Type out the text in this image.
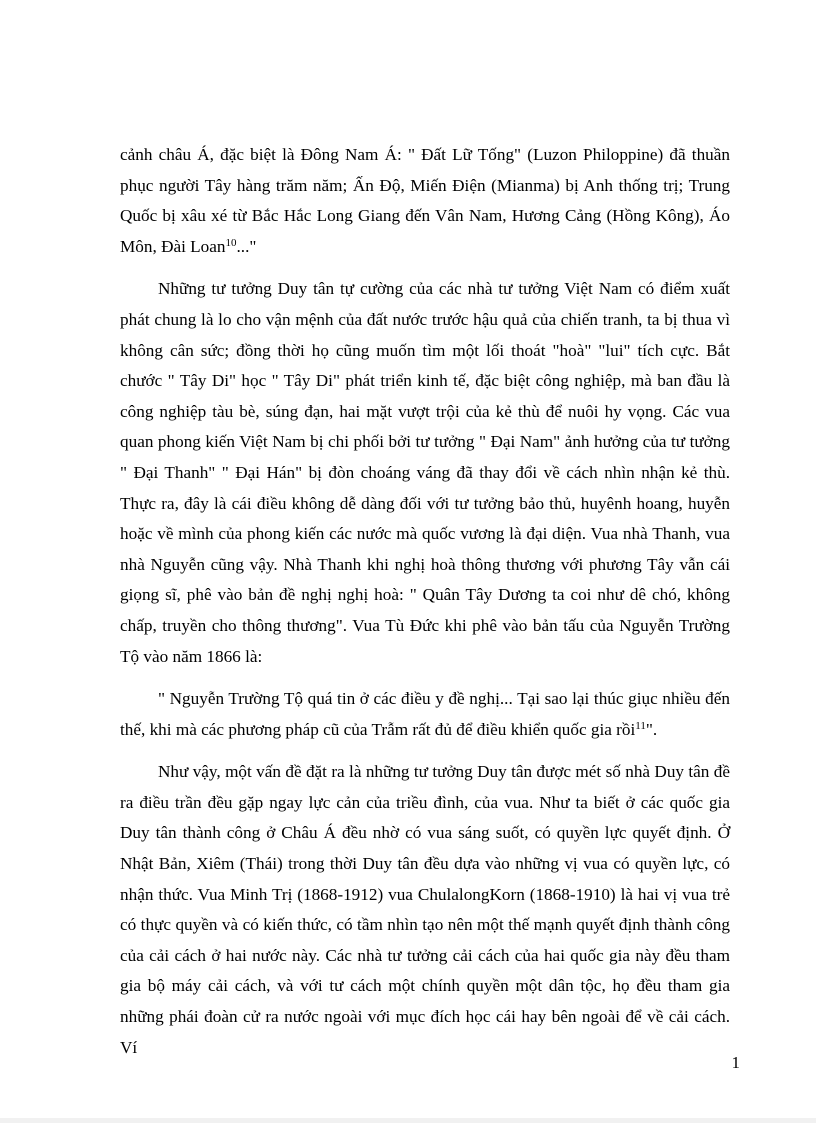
cảnh châu Á, đặc biệt là Đông Nam Á: " Đất Lữ Tống" (Luzon Philoppine) đã thuần phục người Tây hàng trăm năm; Ấn Độ, Miến Điện (Mianma) bị Anh thống trị; Trung Quốc bị xâu xé từ Bắc Hắc Long Giang đến Vân Nam, Hương Cảng (Hồng Kông), Áo Môn, Đài Loan$^{10}$..."

Những tư tưởng Duy tân tự cường của các nhà tư tưởng Việt Nam có điểm xuất phát chung là lo cho vận mệnh của đất nước trước hậu quả của chiến tranh, ta bị thua vì không cân sức; đồng thời họ cũng muốn tìm một lối thoát "hoà" "lui" tích cực. Bắt chước " Tây Di" học " Tây Di" phát triển kinh tế, đặc biệt công nghiệp, mà ban đầu là công nghiệp tàu bè, súng đạn, hai mặt vượt trội của kẻ thù để nuôi hy vọng. Các vua quan phong kiến Việt Nam bị chi phối bởi tư tưởng " Đại Nam" ảnh hưởng của tư tưởng " Đại Thanh" " Đại Hán" bị đòn choáng váng đã thay đổi về cách nhìn nhận kẻ thù. Thực ra, đây là cái điều không dễ dàng đối với tư tưởng bảo thủ, huyênh hoang, huyễn hoặc về mình của phong kiến các nước mà quốc vương là đại diện. Vua nhà Thanh, vua nhà Nguyễn cũng vậy. Nhà Thanh khi nghị hoà thông thương với phương Tây vẫn cái giọng sĩ, phê vào bản đề nghị nghị hoà: " Quân Tây Dương ta coi như dê chó, không chấp, truyền cho thông thương". Vua Tù Đức khi phê vào bản tấu của Nguyễn Trường Tộ vào năm 1866 là:

" Nguyễn Trường Tộ quá tin ở các điều y đề nghị... Tại sao lại thúc giục nhiều đến thế, khi mà các phương pháp cũ của Trẫm rất đủ để điều khiển quốc gia rồi$^{11}$".

Như vậy, một vấn đề đặt ra là những tư tưởng Duy tân được mét số nhà Duy tân đề ra điều trần đều gặp ngay lực cản của triều đình, của vua. Như ta biết ở các quốc gia Duy tân thành công ở Châu Á đều nhờ có vua sáng suốt, có quyền lực quyết định. Ở Nhật Bản, Xiêm (Thái) trong thời Duy tân đều dựa vào những vị vua có quyền lực, có nhận thức. Vua Minh Trị (1868-1912) vua ChulalongKorn (1868-1910) là hai vị vua trẻ có thực quyền và có kiến thức, có tầm nhìn tạo nên một thế mạnh quyết định thành công của cải cách ở hai nước này. Các nhà tư tưởng cải cách của hai quốc gia này đều tham gia bộ máy cải cách, và với tư cách một chính quyền một dân tộc, họ đều tham gia những phái đoàn cử ra nước ngoài với mục đích học cái hay bên ngoài để về cải cách. Ví

1
